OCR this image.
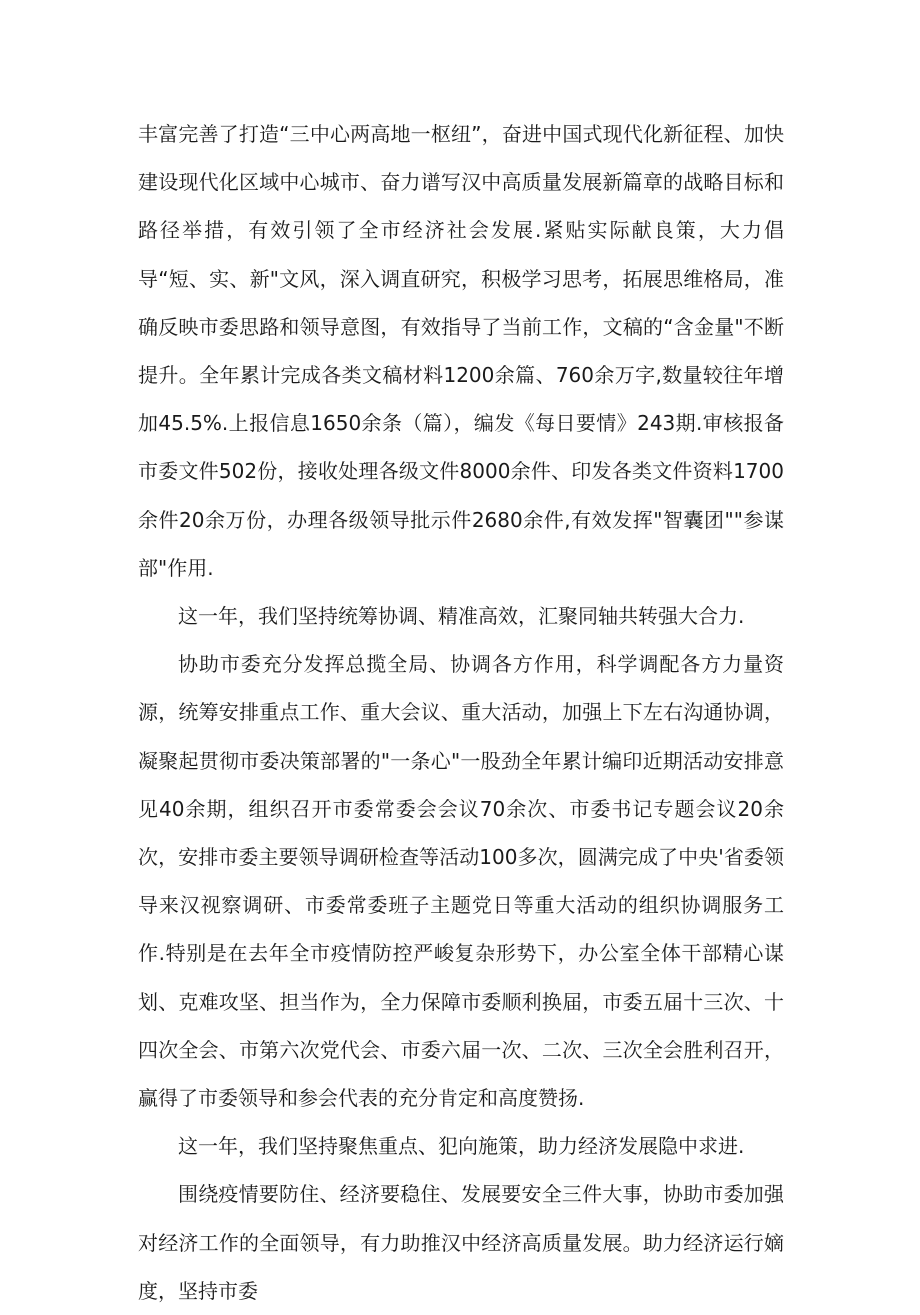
丰富完善了打造“三中心两高地一枢纽”，奋进中国式现代化新征程、加快建设现代化区域中心城市、奋力谱写汉中高质量发展新篇章的战略目标和路径举措，有效引领了全市经济社会发展.紧贴实际献良策，大力倡导“短、实、新"文风，深入调直研究，积极学习思考，拓展思维格局，准确反映市委思路和领导意图，有效指导了当前工作，文稿的“含金量"不断提升。全年累计完成各类文稿材料1200余篇、760余万字,数量较往年增加45.5%.上报信息1650余条（篇），编发《每日要情》243期.审核报备市委文件502份，接收处理各级文件8000余件、印发各类文件资料1700余件20余万份，办理各级领导批示件2680余件,有效发挥"智囊团""参谋部"作用.

这一年，我们坚持统筹协调、精准高效，汇聚同轴共转强大合力.

协助市委充分发挥总揽全局、协调各方作用，科学调配各方力量资源，统筹安排重点工作、重大会议、重大活动，加强上下左右沟通协调，凝聚起贯彻市委决策部署的"一条心"一股劲全年累计编印近期活动安排意见40余期，组织召开市委常委会会议70余次、市委书记专题会议20余次，安排市委主要领导调研检查等活动100多次，圆满完成了中央'省委领导来汉视察调研、市委常委班子主题党日等重大活动的组织协调服务工作.特别是在去年全市疫情防控严峻复杂形势下，办公室全体干部精心谋划、克难攻坚、担当作为，全力保障市委顺利换届，市委五届十三次、十四次全会、市第六次党代会、市委六届一次、二次、三次全会胜利召开，赢得了市委领导和参会代表的充分肯定和高度赞扬.

这一年，我们坚持聚焦重点、犯向施策，助力经济发展隐中求进.

围绕疫情要防住、经济要稳住、发展要安全三件大事，协助市委加强对经济工作的全面领导，有力助推汉中经济高质量发展。助力经济运行嫡度，坚持市委
